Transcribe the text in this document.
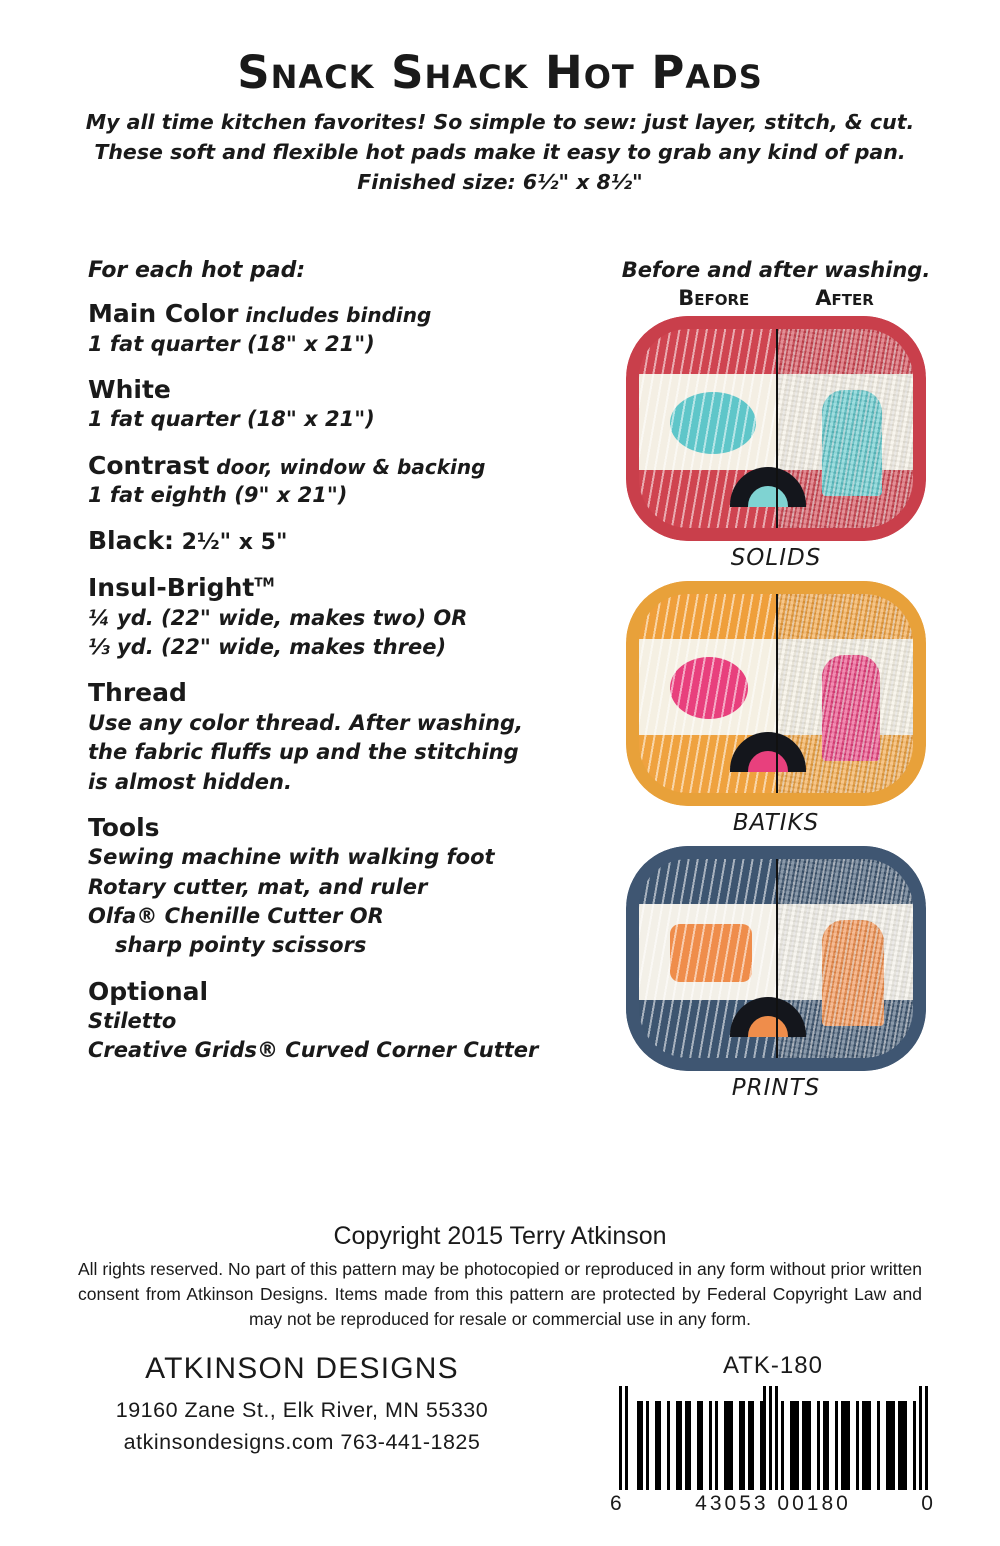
Snack Shack Hot Pads
My all time kitchen favorites! So simple to sew: just layer, stitch, & cut.
These soft and flexible hot pads make it easy to grab any kind of pan.
Finished size: 6½" x 8½"
For each hot pad:
Main Color includes binding
1 fat quarter (18" x 21")
White
1 fat quarter (18" x 21")
Contrast door, window & backing
1 fat eighth (9" x 21")
Black: 2½" x 5"
Insul-Bright™
¼ yd. (22" wide, makes two) OR
⅓ yd. (22" wide, makes three)
Thread
Use any color thread. After washing,
the fabric fluffs up and the stitching
is almost hidden.
Tools
Sewing machine with walking foot
Rotary cutter, mat, and ruler
Olfa® Chenille Cutter OR
sharp pointy scissors
Optional
Stiletto
Creative Grids® Curved Corner Cutter
Before and after washing.
Before	After
SOLIDS
BATIKS
PRINTS
Copyright 2015 Terry Atkinson
All rights reserved. No part of this pattern may be photocopied or reproduced in any form without prior written consent from Atkinson Designs. Items made from this pattern are protected by Federal Copyright Law and may not be reproduced for resale or commercial use in any form.
ATKINSON DESIGNS
19160 Zane St., Elk River, MN 55330
atkinsondesigns.com 763-441-1825
ATK-180
6	43053 00180	0
